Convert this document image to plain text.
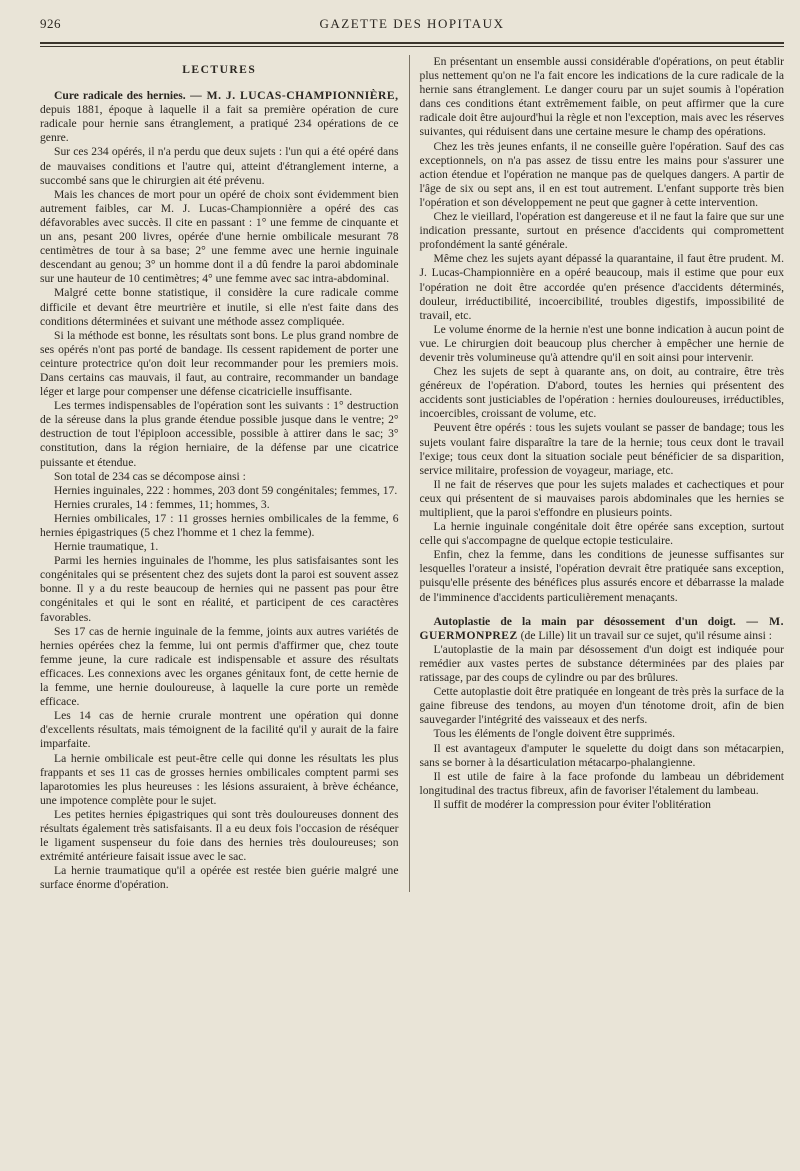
926	GAZETTE DES HOPITAUX
LECTURES

Cure radicale des hernies. — M. J. LUCAS-CHAMPIONNIÈRE, depuis 1881, époque à laquelle il a fait sa première opération de cure radicale pour hernie sans étranglement, a pratiqué 234 opérations de ce genre.

Sur ces 234 opérés, il n'a perdu que deux sujets : l'un qui a été opéré dans de mauvaises conditions et l'autre qui, atteint d'étranglement interne, a succombé sans que le chirurgien ait été prévenu.

Mais les chances de mort pour un opéré de choix sont évidemment bien autrement faibles, car M. J. Lucas-Championnière a opéré des cas défavorables avec succès. Il cite en passant : 1° une femme de cinquante et un ans, pesant 200 livres, opérée d'une hernie ombilicale mesurant 78 centimètres de tour à sa base; 2° une femme avec une hernie inguinale descendant au genou; 3° un homme dont il a dû fendre la paroi abdominale sur une hauteur de 10 centimètres; 4° une femme avec sac intra-abdominal.

Malgré cette bonne statistique, il considère la cure radicale comme difficile et devant être meurtrière et inutile, si elle n'est faite dans des conditions déterminées et suivant une méthode assez compliquée.

Si la méthode est bonne, les résultats sont bons. Le plus grand nombre de ses opérés n'ont pas porté de bandage. Ils cessent rapidement de porter une ceinture protectrice qu'on doit leur recommander pour les premiers mois. Dans certains cas mauvais, il faut, au contraire, recommander un bandage léger et large pour compenser une défense cicatricielle insuffisante.

Les termes indispensables de l'opération sont les suivants : 1° destruction de la séreuse dans la plus grande étendue possible jusque dans le ventre; 2° destruction de tout l'épiploon accessible, possible à attirer dans le sac; 3° constitution, dans la région herniaire, de la défense par une cicatrice puissante et étendue.

Son total de 234 cas se décompose ainsi :

Hernies inguinales, 222 : hommes, 203 dont 59 congénitales; femmes, 17.

Hernies crurales, 14 : femmes, 11; hommes, 3.

Hernies ombilicales, 17 : 11 grosses hernies ombilicales de la femme, 6 hernies épigastriques (5 chez l'homme et 1 chez la femme).

Hernie traumatique, 1.

Parmi les hernies inguinales de l'homme, les plus satisfaisantes sont les congénitales qui se présentent chez des sujets dont la paroi est souvent assez bonne. Il y a du reste beaucoup de hernies qui ne passent pas pour être congénitales et qui le sont en réalité, et participent de ces caractères favorables.

Ses 17 cas de hernie inguinale de la femme, joints aux autres variétés de hernies opérées chez la femme, lui ont permis d'affirmer que, chez toute femme jeune, la cure radicale est indispensable et assure des résultats efficaces. Les connexions avec les organes génitaux font, de cette hernie de la femme, une hernie douloureuse, à laquelle la cure porte un remède efficace.

Les 14 cas de hernie crurale montrent une opération qui donne d'excellents résultats, mais témoignent de la facilité qu'il y aurait de la faire imparfaite.

La hernie ombilicale est peut-être celle qui donne les résultats les plus frappants et ses 11 cas de grosses hernies ombilicales comptent parmi ses laparotomies les plus heureuses : les lésions assuraient, à brève échéance, une impotence complète pour le sujet.

Les petites hernies épigastriques qui sont très douloureuses donnent des résultats également très satisfaisants. Il a eu deux fois l'occasion de réséquer le ligament suspenseur du foie dans des hernies très douloureuses; son extrémité antérieure faisait issue avec le sac.

La hernie traumatique qu'il a opérée est restée bien guérie malgré une surface énorme d'opération.

En présentant un ensemble aussi considérable d'opérations, on peut établir plus nettement qu'on ne l'a fait encore les indications de la cure radicale de la hernie sans étranglement. Le danger couru par un sujet soumis à l'opération dans ces conditions étant extrêmement faible, on peut affirmer que la cure radicale doit être aujourd'hui la règle et non l'exception, mais avec les réserves suivantes, qui réduisent dans une certaine mesure le champ des opérations.

Chez les très jeunes enfants, il ne conseille guère l'opération. Sauf des cas exceptionnels, on n'a pas assez de tissu entre les mains pour s'assurer une action étendue et l'opération ne manque pas de quelques dangers. A partir de l'âge de six ou sept ans, il en est tout autrement. L'enfant supporte très bien l'opération et son développement ne peut que gagner à cette intervention.

Chez le vieillard, l'opération est dangereuse et il ne faut la faire que sur une indication pressante, surtout en présence d'accidents qui compromettent profondément la santé générale.

Même chez les sujets ayant dépassé la quarantaine, il faut être prudent. M. J. Lucas-Championnière en a opéré beaucoup, mais il estime que pour eux l'opération ne doit être accordée qu'en présence d'accidents déterminés, douleur, irréductibilité, incoercibilité, troubles digestifs, impossibilité de travail, etc.

Le volume énorme de la hernie n'est une bonne indication à aucun point de vue. Le chirurgien doit beaucoup plus chercher à empêcher une hernie de devenir très volumineuse qu'à attendre qu'il en soit ainsi pour intervenir.

Chez les sujets de sept à quarante ans, on doit, au contraire, être très généreux de l'opération. D'abord, toutes les hernies qui présentent des accidents sont justiciables de l'opération : hernies douloureuses, irréductibles, incoercibles, croissant de volume, etc.

Peuvent être opérés : tous les sujets voulant se passer de bandage; tous les sujets voulant faire disparaître la tare de la hernie; tous ceux dont le travail l'exige; tous ceux dont la situation sociale peut bénéficier de sa disparition, service militaire, profession de voyageur, mariage, etc.

Il ne fait de réserves que pour les sujets malades et cachectiques et pour ceux qui présentent de si mauvaises parois abdominales que les hernies se multiplient, que la paroi s'effondre en plusieurs points.

La hernie inguinale congénitale doit être opérée sans exception, surtout celle qui s'accompagne de quelque ectopie testiculaire.

Enfin, chez la femme, dans les conditions de jeunesse suffisantes sur lesquelles l'orateur a insisté, l'opération devrait être pratiquée sans exception, puisqu'elle présente des bénéfices plus assurés encore et débarrasse la malade de l'imminence d'accidents particulièrement menaçants.

Autoplastie de la main par désossement d'un doigt. — M. GUERMONPREZ (de Lille) lit un travail sur ce sujet, qu'il résume ainsi :

L'autoplastie de la main par désossement d'un doigt est indiquée pour remédier aux vastes pertes de substance déterminées par des plaies par ratissage, par des coups de cylindre ou par des brûlures.

Cette autoplastie doit être pratiquée en longeant de très près la surface de la gaine fibreuse des tendons, au moyen d'un ténotome droit, afin de bien sauvegarder l'intégrité des vaisseaux et des nerfs.

Tous les éléments de l'ongle doivent être supprimés.

Il est avantageux d'amputer le squelette du doigt dans son métacarpien, sans se borner à la désarticulation métacarpo-phalangienne.

Il est utile de faire à la face profonde du lambeau un débridement longitudinal des tractus fibreux, afin de favoriser l'étalement du lambeau.

Il suffit de modérer la compression pour éviter l'oblitération
